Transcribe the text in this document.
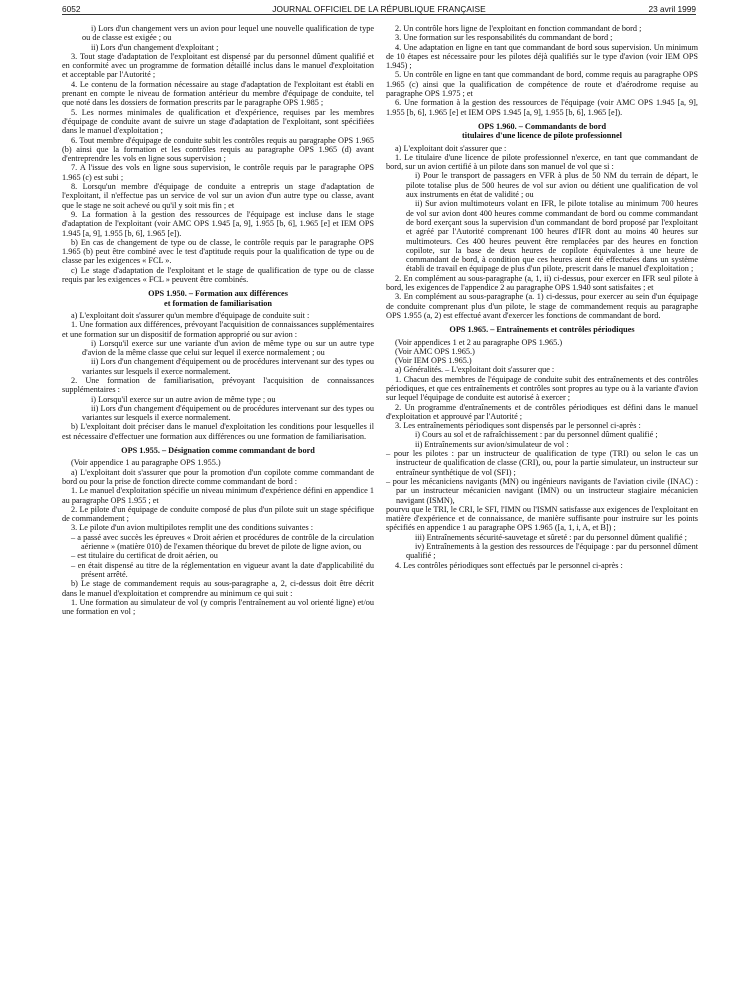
6052	JOURNAL OFFICIEL DE LA RÉPUBLIQUE FRANÇAISE	23 avril 1999

i) Lors d'un changement vers un avion pour lequel une nouvelle qualification de type ou de classe est exigée ; ou

ii) Lors d'un changement d'exploitant ;

3. Tout stage d'adaptation de l'exploitant est dispensé par du personnel dûment qualifié et en conformité avec un programme de formation détaillé inclus dans le manuel d'exploitation et acceptable par l'Autorité ;

4. Le contenu de la formation nécessaire au stage d'adaptation de l'exploitant est établi en prenant en compte le niveau de formation antérieur du membre d'équipage de conduite, tel que noté dans les dossiers de formation prescrits par le paragraphe OPS 1.985 ;

5. Les normes minimales de qualification et d'expérience, requises par les membres d'équipage de conduite avant de suivre un stage d'adaptation de l'exploitant, sont spécifiées dans le manuel d'exploitation ;

6. Tout membre d'équipage de conduite subit les contrôles requis au paragraphe OPS 1.965 (b) ainsi que la formation et les contrôles requis au paragraphe OPS 1.965 (d) avant d'entreprendre les vols en ligne sous supervision ;

7. A l'issue des vols en ligne sous supervision, le contrôle requis par le paragraphe OPS 1.965 (c) est subi ;

8. Lorsqu'un membre d'équipage de conduite a entrepris un stage d'adaptation de l'exploitant, il n'effectue pas un service de vol sur un avion d'un autre type ou classe, avant que le stage ne soit achevé ou qu'il y soit mis fin ; et

9. La formation à la gestion des ressources de l'équipage est incluse dans le stage d'adaptation de l'exploitant (voir AMC OPS 1.945 [a, 9], 1.955 [b, 6], 1.965 [e] et IEM OPS 1.945 [a, 9], 1.955 [b, 6], 1.965 [e]).

b) En cas de changement de type ou de classe, le contrôle requis par le paragraphe OPS 1.965 (b) peut être combiné avec le test d'aptitude requis pour la qualification de type ou de classe par les exigences « FCL ».

c) Le stage d'adaptation de l'exploitant et le stage de qualification de type ou de classe requis par les exigences « FCL » peuvent être combinés.

OPS 1.950. – Formation aux différences
et formation de familiarisation

a) L'exploitant doit s'assurer qu'un membre d'équipage de conduite suit :

1. Une formation aux différences, prévoyant l'acquisition de connaissances supplémentaires et une formation sur un dispositif de formation approprié ou sur avion :

i) Lorsqu'il exerce sur une variante d'un avion de même type ou sur un autre type d'avion de la même classe que celui sur lequel il exerce normalement ; ou

ii) Lors d'un changement d'équipement ou de procédures intervenant sur des types ou variantes sur lesquels il exerce normalement.

2. Une formation de familiarisation, prévoyant l'acquisition de connaissances supplémentaires :

i) Lorsqu'il exerce sur un autre avion de même type ; ou

ii) Lors d'un changement d'équipement ou de procédures intervenant sur des types ou variantes sur lesquels il exerce normalement.

b) L'exploitant doit préciser dans le manuel d'exploitation les conditions pour lesquelles il est nécessaire d'effectuer une formation aux différences ou une formation de familiarisation.

OPS 1.955. – Désignation comme commandant de bord

(Voir appendice 1 au paragraphe OPS 1.955.)

a) L'exploitant doit s'assurer que pour la promotion d'un copilote comme commandant de bord ou pour la prise de fonction directe comme commandant de bord :

1. Le manuel d'exploitation spécifie un niveau minimum d'expérience défini en appendice 1 au paragraphe OPS 1.955 ; et

2. Le pilote d'un équipage de conduite composé de plus d'un pilote suit un stage spécifique de commandement ;

3. Le pilote d'un avion multipilotes remplit une des conditions suivantes :

– a passé avec succès les épreuves « Droit aérien et procédures de contrôle de la circulation aérienne » (matière 010) de l'examen théorique du brevet de pilote de ligne avion, ou

– est titulaire du certificat de droit aérien, ou

– en était dispensé au titre de la réglementation en vigueur avant la date d'applicabilité du présent arrêté.

b) Le stage de commandement requis au sous-paragraphe a, 2, ci-dessus doit être décrit dans le manuel d'exploitation et comprendre au minimum ce qui suit :

1. Une formation au simulateur de vol (y compris l'entraînement au vol orienté ligne) et/ou une formation en vol ;

2. Un contrôle hors ligne de l'exploitant en fonction commandant de bord ;

3. Une formation sur les responsabilités du commandant de bord ;

4. Une adaptation en ligne en tant que commandant de bord sous supervision. Un minimum de 10 étapes est nécessaire pour les pilotes déjà qualifiés sur le type d'avion (voir IEM OPS 1.945) ;

5. Un contrôle en ligne en tant que commandant de bord, comme requis au paragraphe OPS 1.965 (c) ainsi que la qualification de compétence de route et d'aérodrome requise au paragraphe OPS 1.975 ; et

6. Une formation à la gestion des ressources de l'équipage (voir AMC OPS 1.945 [a, 9], 1.955 [b, 6], 1.965 [e] et IEM OPS 1.945 [a, 9], 1.955 [b, 6], 1.965 [e]).

OPS 1.960. – Commandants de bord
titulaires d'une licence de pilote professionnel

a) L'exploitant doit s'assurer que :

1. Le titulaire d'une licence de pilote professionnel n'exerce, en tant que commandant de bord, sur un avion certifié à un pilote dans son manuel de vol que si :

i) Pour le transport de passagers en VFR à plus de 50 NM du terrain de départ, le pilote totalise plus de 500 heures de vol sur avion ou détient une qualification de vol aux instruments en état de validité ; ou

ii) Sur avion multimoteurs volant en IFR, le pilote totalise au minimum 700 heures de vol sur avion dont 400 heures comme commandant de bord ou comme commandant de bord exerçant sous la supervision d'un commandant de bord proposé par l'exploitant et agréé par l'Autorité comprenant 100 heures d'IFR dont au moins 40 heures sur multimoteurs. Ces 400 heures peuvent être remplacées par des heures en fonction copilote, sur la base de deux heures de copilote équivalentes à une heure de commandant de bord, à condition que ces heures aient été effectuées dans un système établi de travail en équipage de plus d'un pilote, prescrit dans le manuel d'exploitation ;

2. En complément au sous-paragraphe (a, 1, ii) ci-dessus, pour exercer en IFR seul pilote à bord, les exigences de l'appendice 2 au paragraphe OPS 1.940 sont satisfaites ; et

3. En complément au sous-paragraphe (a. 1) ci-dessus, pour exercer au sein d'un équipage de conduite comprenant plus d'un pilote, le stage de commandement requis au paragraphe OPS 1.955 (a, 2) est effectué avant d'exercer les fonctions de commandant de bord.

OPS 1.965. – Entraînements et contrôles périodiques

(Voir appendices 1 et 2 au paragraphe OPS 1.965.)

(Voir AMC OPS 1.965.)

(Voir IEM OPS 1.965.)

a) Généralités. – L'exploitant doit s'assurer que :

1. Chacun des membres de l'équipage de conduite subit des entraînements et des contrôles périodiques, et que ces entraînements et contrôles sont propres au type ou à la variante d'avion sur lequel l'équipage de conduite est autorisé à exercer ;

2. Un programme d'entraînements et de contrôles périodiques est défini dans le manuel d'exploitation et approuvé par l'Autorité ;

3. Les entraînements périodiques sont dispensés par le personnel ci-après :

i) Cours au sol et de rafraîchissement : par du personnel dûment qualifié ;

ii) Entraînements sur avion/simulateur de vol :

– pour les pilotes : par un instructeur de qualification de type (TRI) ou selon le cas un instructeur de qualification de classe (CRI), ou, pour la partie simulateur, un instructeur sur entraîneur synthétique de vol (SFI) ;

– pour les mécaniciens navigants (MN) ou ingénieurs navigants de l'aviation civile (INAC) : par un instructeur mécanicien navigant (IMN) ou un instructeur stagiaire mécanicien navigant (ISMN),

pourvu que le TRI, le CRI, le SFI, l'IMN ou l'ISMN satisfasse aux exigences de l'exploitant en matière d'expérience et de connaissance, de manière suffisante pour instruire sur les points spécifiés en appendice 1 au paragraphe OPS 1.965 ([a, 1, i, A, et B]) ;

iii) Entraînements sécurité-sauvetage et sûreté : par du personnel dûment qualifié ;

iv) Entraînements à la gestion des ressources de l'équipage : par du personnel dûment qualifié ;

4. Les contrôles périodiques sont effectués par le personnel ci-après :
